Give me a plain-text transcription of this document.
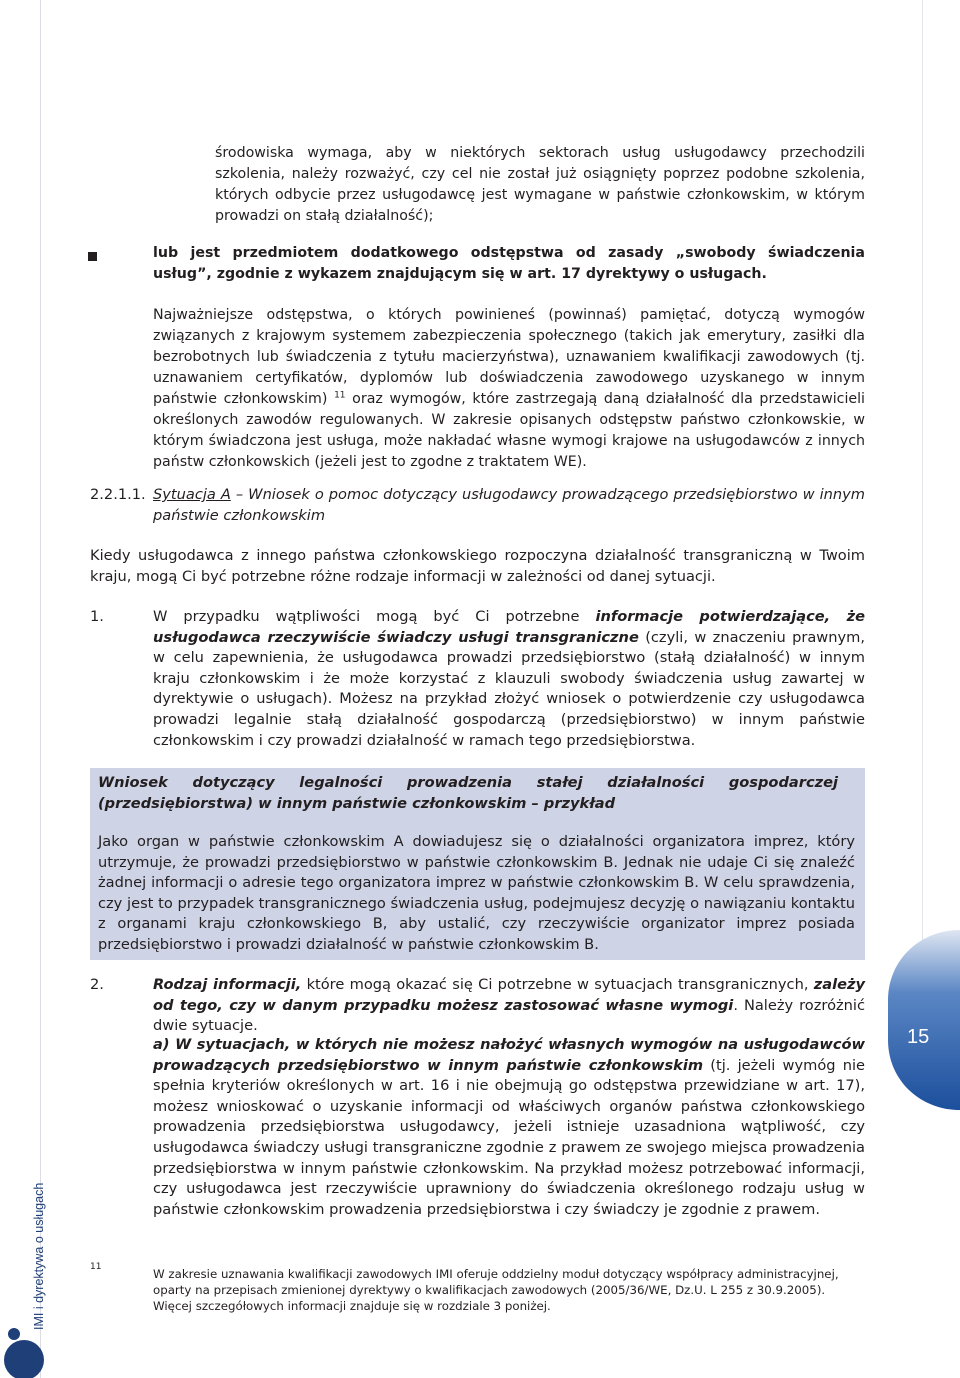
15
IMI i dyrektywa o usługach

środowiska wymaga, aby w niektórych sektorach usług usługodawcy przechodzili szkolenia, należy rozważyć, czy cel nie został już osiągnięty poprzez podobne szkolenia, których odbycie przez usługodawcę jest wymagane w państwie członkowskim, w którym prowadzi on stałą działalność);

lub jest przedmiotem dodatkowego odstępstwa od zasady „swobody świadczenia usług”, zgodnie z wykazem znajdującym się w art. 17 dyrektywy o usługach.

Najważniejsze odstępstwa, o których powinieneś (powinnaś) pamiętać, dotyczą wymogów związanych z krajowym systemem zabezpieczenia społecznego (takich jak emerytury, zasiłki dla bezrobotnych lub świadczenia z tytułu macierzyństwa), uznawaniem kwalifikacji zawodowych (tj. uznawaniem certyfikatów, dyplomów lub doświadczenia zawodowego uzyskanego w innym państwie członkowskim) $^{11}$ oraz wymogów, które zastrzegają daną działalność dla przedstawicieli określonych zawodów regulowanych. W zakresie opisanych odstępstw państwo członkowskie, w którym świadczona jest usługa, może nakładać własne wymogi krajowe na usługodawców z innych państw członkowskich (jeżeli jest to zgodne z traktatem WE).

2.2.1.1. Sytuacja A – Wniosek o pomoc dotyczący usługodawcy prowadzącego przedsiębiorstwo w innym państwie członkowskim

Kiedy usługodawca z innego państwa członkowskiego rozpoczyna działalność transgraniczną w Twoim kraju, mogą Ci być potrzebne różne rodzaje informacji w zależności od danej sytuacji.

1.	W przypadku wątpliwości mogą być Ci potrzebne informacje potwierdzające, że usługodawca rzeczywiście świadczy usługi transgraniczne (czyli, w znaczeniu prawnym, w celu zapewnienia, że usługodawca prowadzi przedsiębiorstwo (stałą działalność) w innym kraju członkowskim i że może korzystać z klauzuli swobody świadczenia usług zawartej w dyrektywie o usługach). Możesz na przykład złożyć wniosek o potwierdzenie czy usługodawca prowadzi legalnie stałą działalność gospodarczą (przedsiębiorstwo) w innym państwie członkowskim i czy prowadzi działalność w ramach tego przedsiębiorstwa.

Wniosek dotyczący legalności prowadzenia stałej działalności gospodarczej (przedsiębiorstwa) w innym państwie członkowskim – przykład

Jako organ w państwie członkowskim A dowiadujesz się o działalności organizatora imprez, który utrzymuje, że prowadzi przedsiębiorstwo w państwie członkowskim B. Jednak nie udaje Ci się znaleźć żadnej informacji o adresie tego organizatora imprez w państwie członkowskim B. W celu sprawdzenia, czy jest to przypadek transgranicznego świadczenia usług, podejmujesz decyzję o nawiązaniu kontaktu z organami kraju członkowskiego B, aby ustalić, czy rzeczywiście organizator imprez posiada przedsiębiorstwo i prowadzi działalność w państwie członkowskim B.

2.	Rodzaj informacji, które mogą okazać się Ci potrzebne w sytuacjach transgranicznych, zależy od tego, czy w danym przypadku możesz zastosować własne wymogi. Należy rozróżnić dwie sytuacje.

a) W sytuacjach, w których nie możesz nałożyć własnych wymogów na usługodawców prowadzących przedsiębiorstwo w innym państwie członkowskim (tj. jeżeli wymóg nie spełnia kryteriów określonych w art. 16 i nie obejmują go odstępstwa przewidziane w art. 17), możesz wnioskować o uzyskanie informacji od właściwych organów państwa członkowskiego prowadzenia przedsiębiorstwa usługodawcy, jeżeli istnieje uzasadniona wątpliwość, czy usługodawca świadczy usługi transgraniczne zgodnie z prawem ze swojego miejsca prowadzenia przedsiębiorstwa w innym państwie członkowskim. Na przykład możesz potrzebować informacji, czy usługodawca jest rzeczywiście uprawniony do świadczenia określonego rodzaju usług w państwie członkowskim prowadzenia przedsiębiorstwa i czy świadczy je zgodnie z prawem.

11	W zakresie uznawania kwalifikacji zawodowych IMI oferuje oddzielny moduł dotyczący współpracy administracyjnej, oparty na przepisach zmienionej dyrektywy o kwalifikacjach zawodowych (2005/36/WE, Dz.U. L 255 z 30.9.2005). Więcej szczegółowych informacji znajduje się w rozdziale 3 poniżej.
